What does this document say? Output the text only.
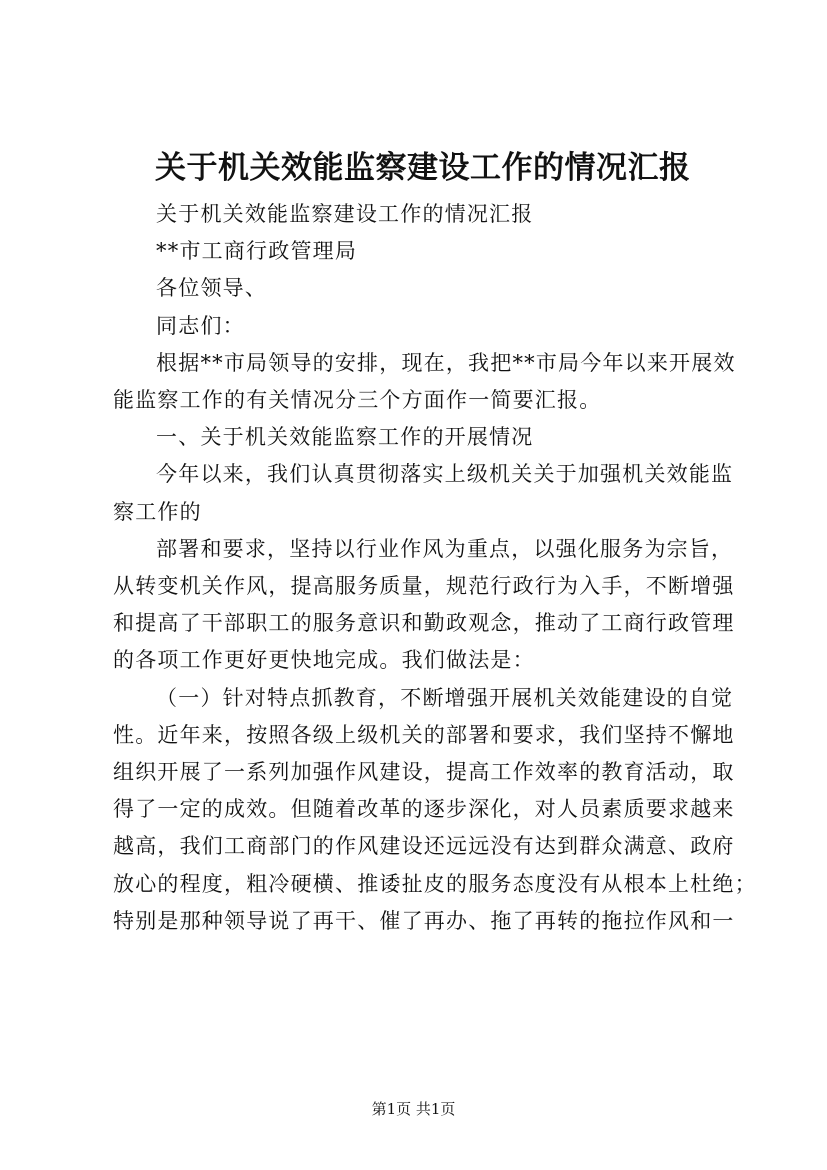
关于机关效能监察建设工作的情况汇报

关于机关效能监察建设工作的情况汇报

**市工商行政管理局

各位领导、

同志们：

根据**市局领导的安排，现在，我把**市局今年以来开展效

能监察工作的有关情况分三个方面作一简要汇报。

一、关于机关效能监察工作的开展情况

今年以来，我们认真贯彻落实上级机关关于加强机关效能监

察工作的

部署和要求，坚持以行业作风为重点，以强化服务为宗旨，

从转变机关作风，提高服务质量，规范行政行为入手，不断增强

和提高了干部职工的服务意识和勤政观念，推动了工商行政管理

的各项工作更好更快地完成。我们做法是：

（一）针对特点抓教育，不断增强开展机关效能建设的自觉

性。近年来，按照各级上级机关的部署和要求，我们坚持不懈地

组织开展了一系列加强作风建设，提高工作效率的教育活动，取

得了一定的成效。但随着改革的逐步深化，对人员素质要求越来

越高，我们工商部门的作风建设还远远没有达到群众满意、政府

放心的程度，粗冷硬横、推诿扯皮的服务态度没有从根本上杜绝；

特别是那种领导说了再干、催了再办、拖了再转的拖拉作风和一

第1页 共1页
